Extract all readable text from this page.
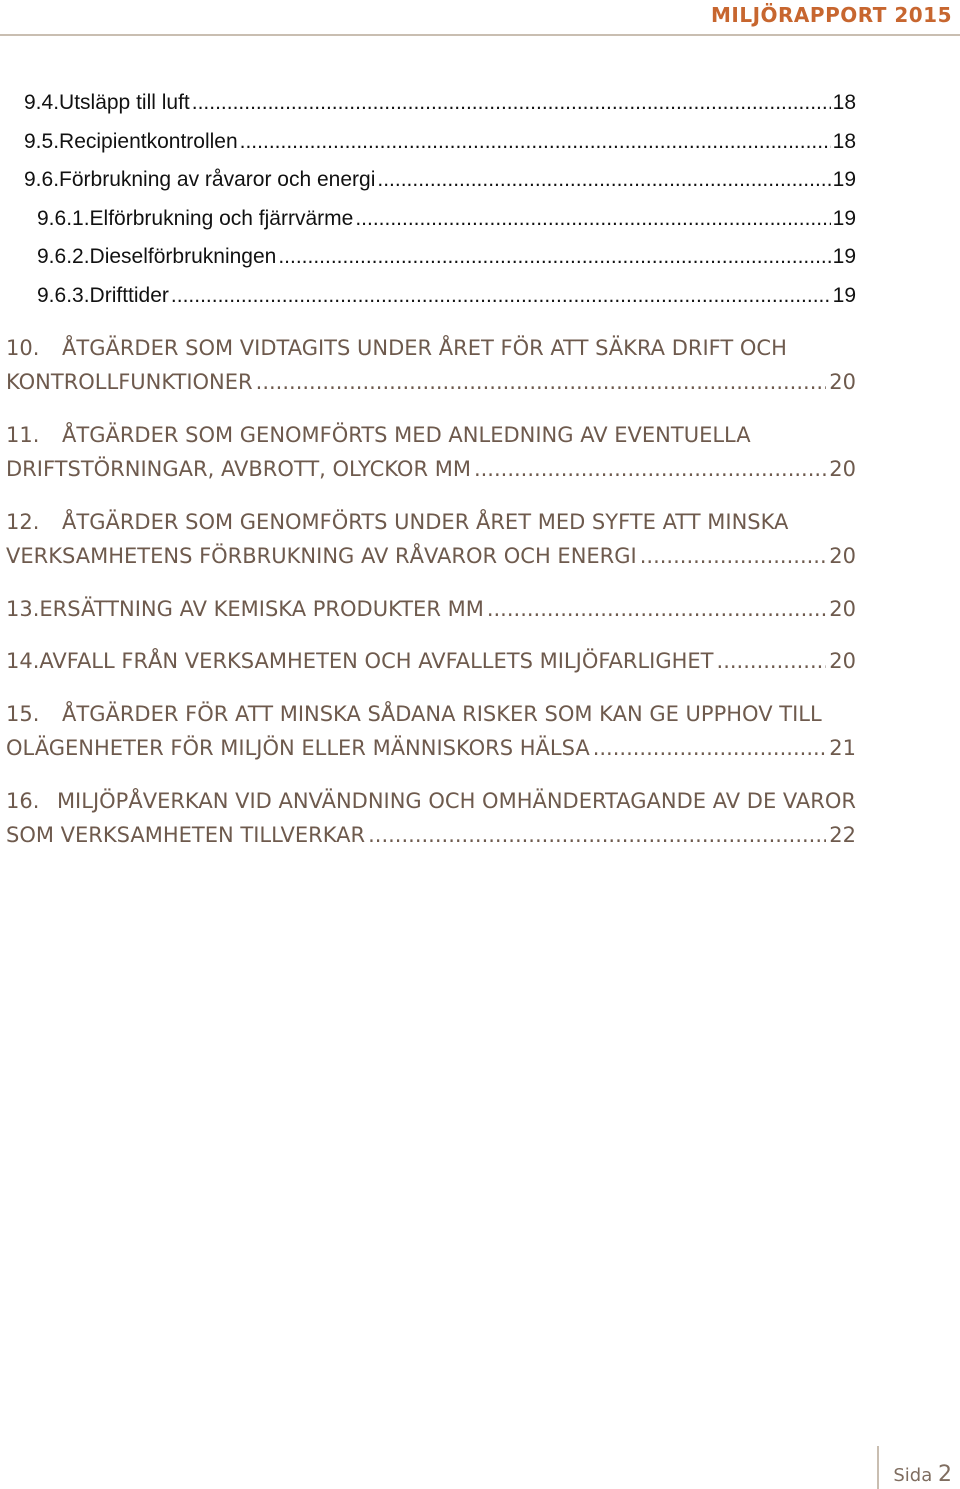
MILJÖRAPPORT 2015
9.4. Utsläpp till luft .....	18
9.5. Recipientkontrollen .....	18
9.6. Förbrukning av råvaror och energi .....	19
9.6.1. Elförbrukning och fjärrvärme .....	19
9.6.2. Dieselförbrukningen .....	19
9.6.3. Drifttider .....	19
10.	ÅTGÄRDER SOM VIDTAGITS UNDER ÅRET FÖR ATT SÄKRA DRIFT OCH
KONTROLLFUNKTIONER .....	20
11.	ÅTGÄRDER SOM GENOMFÖRTS MED ANLEDNING AV EVENTUELLA
DRIFTSTÖRNINGAR, AVBROTT, OLYCKOR MM .....	20
12.	ÅTGÄRDER SOM GENOMFÖRTS UNDER ÅRET MED SYFTE ATT MINSKA
VERKSAMHETENS FÖRBRUKNING AV RÅVAROR OCH ENERGI .....	20
13. ERSÄTTNING AV KEMISKA PRODUKTER MM .....	20
14. AVFALL FRÅN VERKSAMHETEN OCH AVFALLETS MILJÖFARLIGHET .....	20
15.	ÅTGÄRDER FÖR ATT MINSKA SÅDANA RISKER SOM KAN GE UPPHOV TILL
OLÄGENHETER FÖR MILJÖN ELLER MÄNNISKORS HÄLSA .....	21
16. MILJÖPÅVERKAN VID ANVÄNDNING OCH OMHÄNDERTAGANDE AV DE VAROR
SOM VERKSAMHETEN TILLVERKAR .....	22
Sida 2
